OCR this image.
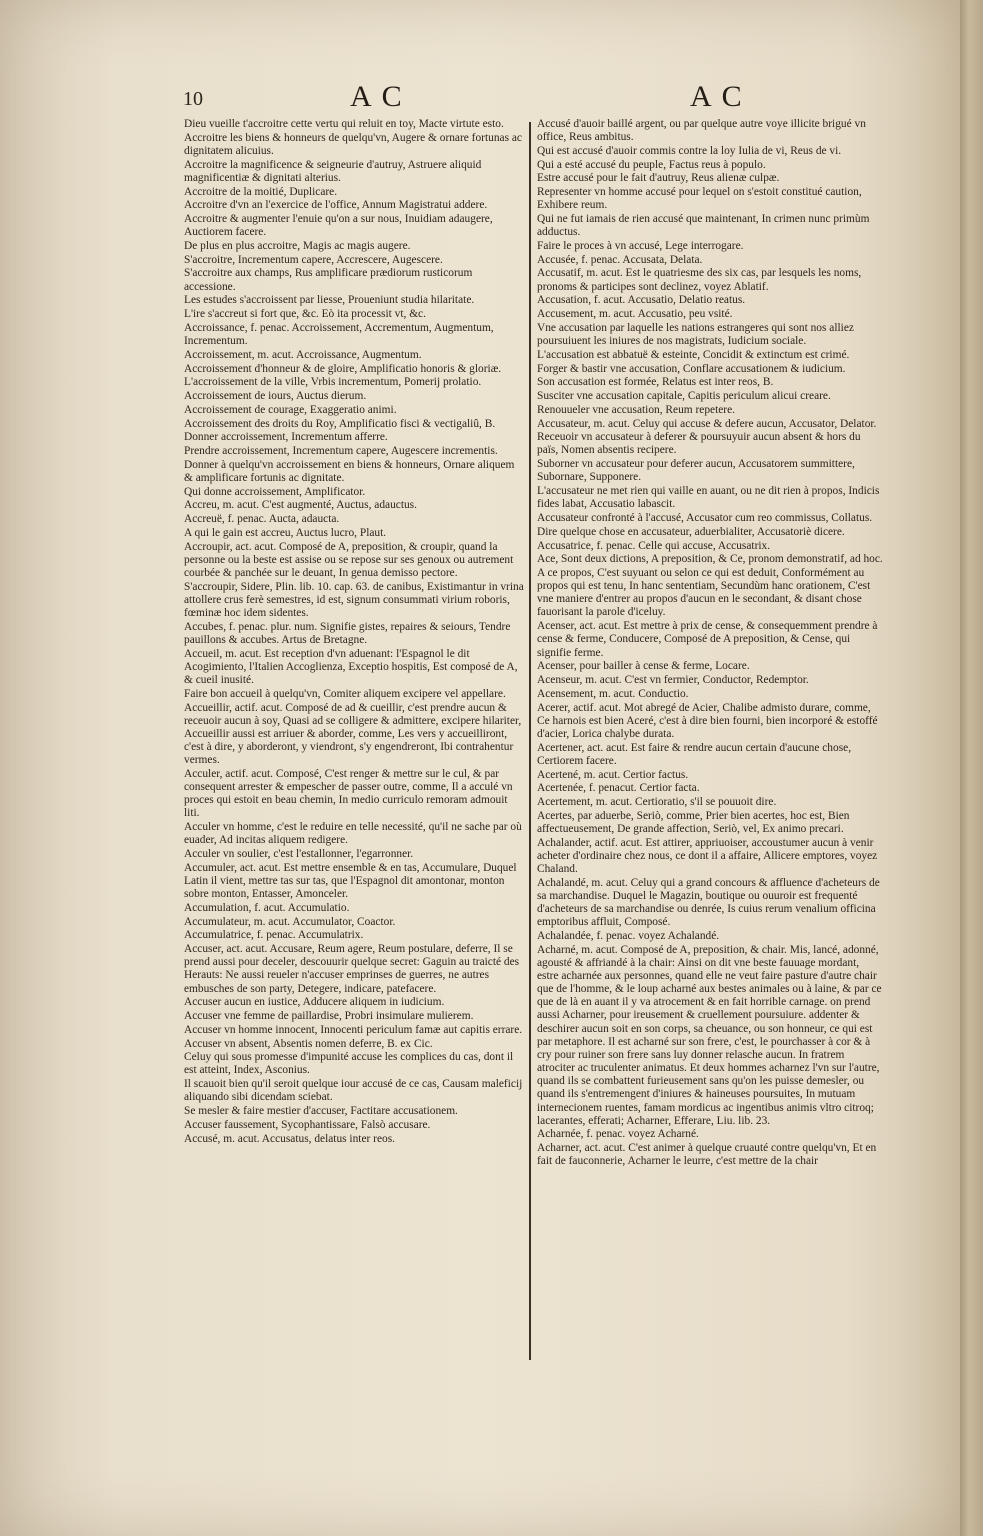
10	AC	AC
Dieu vueille t'accroitre cette vertu qui reluit en toy, Macte virtute esto.
Accroitre les biens & honneurs de quelqu'vn, Augere & ornare fortunas ac dignitatem alicuius.
Accroitre la magnificence & seigneurie d'autruy, Astruere aliquid magnificentiæ & dignitati alterius.
Accroitre de la moitié, Duplicare.
Accroitre d'vn an l'exercice de l'office, Annum Magistratui addere.
Accroitre & augmenter l'enuie qu'on a sur nous, Inuidiam adaugere, Auctiorem facere.
De plus en plus accroitre, Magis ac magis augere.
S'accroitre, Incrementum capere, Accrescere, Augescere.
S'accroitre aux champs, Rus amplificare prædiorum rusticorum accessione.
Les estudes s'accroissent par liesse, Proueniunt studia hilaritate.
L'ire s'accreut si fort que, &c. Eò ita processit vt, &c.
Accroissance, f. penac. Accroissement, Accrementum, Augmentum, Incrementum.
Accroissement, m. acut. Accroissance, Augmentum.
Accroissement d'honneur & de gloire, Amplificatio honoris & gloriæ.
L'accroissement de la ville, Vrbis incrementum, Pomerij prolatio.
Accroissement de iours, Auctus dierum.
Accroissement de courage, Exaggeratio animi.
Accroissement des droits du Roy, Amplificatio fisci & vectigaliû, B.
Donner accroissement, Incrementum afferre.
Prendre accroissement, Incrementum capere, Augescere incrementis.
Donner à quelqu'vn accroissement en biens & honneurs, Ornare aliquem & amplificare fortunis ac dignitate.
Qui donne accroissement, Amplificator.
Accreu, m. acut. C'est augmenté, Auctus, adauctus.
Accreuë, f. penac. Aucta, adaucta.
A qui le gain est accreu, Auctus lucro, Plaut.
Accroupir, act. acut. Composé de A, preposition, & croupir, quand la personne ou la beste est assise ou se repose sur ses genoux ou autrement courbée & panchée sur le deuant, In genua demisso pectore.
S'accroupir, Sidere, Plin. lib. 10. cap. 63. de canibus, Existimantur in vrina attollere crus ferè semestres, id est, signum consummati virium roboris, fœminæ hoc idem sidentes.
Accubes, f. penac. plur. num. Signifie gistes, repaires & seiours, Tendre pauillons & accubes. Artus de Bretagne.
Accueil, m. acut. Est reception d'vn aduenant: l'Espagnol le dit Acogimiento, l'Italien Accoglienza, Exceptio hospitis, Est composé de A, & cueil inusité.
Faire bon accueil à quelqu'vn, Comiter aliquem excipere vel appellare.
Accueillir, actif. acut. Composé de ad & cueillir, c'est prendre aucun & receuoir aucun à soy, Quasi ad se colligere & admittere, excipere hilariter, Accueillir aussi est arriuer & aborder, comme, Les vers y accueilliront, c'est à dire, y aborderont, y viendront, s'y engendreront, Ibi contrahentur vermes.
Acculer, actif. acut. Composé, C'est renger & mettre sur le cul, & par consequent arrester & empescher de passer outre, comme, Il a acculé vn proces qui estoit en beau chemin, In medio curriculo remoram admouit liti.
Acculer vn homme, c'est le reduire en telle necessité, qu'il ne sache par où euader, Ad incitas aliquem redigere.
Acculer vn soulier, c'est l'estallonner, l'egarronner.
Accumuler, act. acut. Est mettre ensemble & en tas, Accumulare, Duquel Latin il vient, mettre tas sur tas, que l'Espagnol dit amontonar, monton sobre monton, Entasser, Amonceler.
Accumulation, f. acut. Accumulatio.
Accumulateur, m. acut. Accumulator, Coactor.
Accumulatrice, f. penac. Accumulatrix.
Accuser, act. acut. Accusare, Reum agere, Reum postulare, deferre, Il se prend aussi pour deceler, descouurir quelque secret: Gaguin au traicté des Herauts: Ne aussi reueler n'accuser emprinses de guerres, ne autres embusches de son party, Detegere, indicare, patefacere.
Accuser aucun en iustice, Adducere aliquem in iudicium.
Accuser vne femme de paillardise, Probri insimulare mulierem.
Accuser vn homme innocent, Innocenti periculum famæ aut capitis errare.
Accuser vn absent, Absentis nomen deferre, B. ex Cic.
Celuy qui sous promesse d'impunité accuse les complices du cas, dont il est atteint, Index, Asconius.
Il scauoit bien qu'il seroit quelque iour accusé de ce cas, Causam maleficij aliquando sibi dicendam sciebat.
Se mesler & faire mestier d'accuser, Factitare accusationem.
Accuser faussement, Sycophantissare, Falsò accusare.
Accusé, m. acut. Accusatus, delatus inter reos.
Accusé d'auoir baillé argent, ou par quelque autre voye illicite brigué vn office, Reus ambitus.
Qui est accusé d'auoir commis contre la loy Iulia de vi, Reus de vi.
Qui a esté accusé du peuple, Factus reus à populo.
Estre accusé pour le fait d'autruy, Reus alienæ culpæ.
Representer vn homme accusé pour lequel on s'estoit constitué caution, Exhibere reum.
Qui ne fut iamais de rien accusé que maintenant, In crimen nunc primùm adductus.
Faire le proces à vn accusé, Lege interrogare.
Accusée, f. penac. Accusata, Delata.
Accusatif, m. acut. Est le quatriesme des six cas, par lesquels les noms, pronoms & participes sont declinez, voyez Ablatif.
Accusation, f. acut. Accusatio, Delatio reatus.
Accusement, m. acut. Accusatio, peu vsité.
Vne accusation par laquelle les nations estrangeres qui sont nos alliez poursuiuent les iniures de nos magistrats, Iudicium sociale.
L'accusation est abbatuë & esteinte, Concidit & extinctum est crimé.
Forger & bastir vne accusation, Conflare accusationem & iudicium.
Son accusation est formée, Relatus est inter reos, B.
Susciter vne accusation capitale, Capitis periculum alicui creare.
Renouueler vne accusation, Reum repetere.
Accusateur, m. acut. Celuy qui accuse & defere aucun, Accusator, Delator.
Receuoir vn accusateur à deferer & poursuyuir aucun absent & hors du païs, Nomen absentis recipere.
Suborner vn accusateur pour deferer aucun, Accusatorem summittere, Subornare, Supponere.
L'accusateur ne met rien qui vaille en auant, ou ne dit rien à propos, Indicis fides labat, Accusatio labascit.
Accusateur confronté à l'accusé, Accusator cum reo commissus, Collatus.
Dire quelque chose en accusateur, aduerbialiter, Accusatoriè dicere.
Accusatrice, f. penac. Celle qui accuse, Accusatrix.
Ace, Sont deux dictions, A preposition, & Ce, pronom demonstratif, ad hoc.
A ce propos, C'est suyuant ou selon ce qui est deduit, Conformément au propos qui est tenu, In hanc sententiam, Secundùm hanc orationem, C'est vne maniere d'entrer au propos d'aucun en le secondant, & disant chose fauorisant la parole d'iceluy.
Acenser, act. acut. Est mettre à prix de cense, & consequemment prendre à cense & ferme, Conducere, Composé de A preposition, & Cense, qui signifie ferme.
Acenser, pour bailler à cense & ferme, Locare.
Acenseur, m. acut. C'est vn fermier, Conductor, Redemptor.
Acensement, m. acut. Conductio.
Acerer, actif. acut. Mot abregé de Acier, Chalibe admisto durare, comme, Ce harnois est bien Aceré, c'est à dire bien fourni, bien incorporé & estoffé d'acier, Lorica chalybe durata.
Acertener, act. acut. Est faire & rendre aucun certain d'aucune chose, Certiorem facere.
Acertené, m. acut. Certior factus.
Acertenée, f. penacut. Certior facta.
Acertement, m. acut. Certioratio, s'il se pouuoit dire.
Acertes, par aduerbe, Seriò, comme, Prier bien acertes, hoc est, Bien affectueusement, De grande affection, Seriò, vel, Ex animo precari.
Achalander, actif. acut. Est attirer, appriuoiser, accoustumer aucun à venir acheter d'ordinaire chez nous, ce dont il a affaire, Allicere emptores, voyez Chaland.
Achalandé, m. acut. Celuy qui a grand concours & affluence d'acheteurs de sa marchandise. Duquel le Magazin, boutique ou ouuroir est frequenté d'acheteurs de sa marchandise ou denrée, Is cuius rerum venalium officina emptoribus affluit, Composé.
Achalandée, f. penac. voyez Achalandé.
Acharné, m. acut. Composé de A, preposition, & chair. Mis, lancé, adonné, agousté & affriandé à la chair: Ainsi on dit vne beste fauuage mordant, estre acharnée aux personnes, quand elle ne veut faire pasture d'autre chair que de l'homme, & le loup acharné aux bestes animales ou à laine, & par ce que de là en auant il y va atrocement & en fait horrible carnage. on prend aussi Acharner, pour ireusement & cruellement poursuiure. addenter & deschirer aucun soit en son corps, sa cheuance, ou son honneur, ce qui est par metaphore. Il est acharné sur son frere, c'est, le pourchasser à cor & à cry pour ruiner son frere sans luy donner relasche aucun. In fratrem atrociter ac truculenter animatus. Et deux hommes acharnez l'vn sur l'autre, quand ils se combattent furieusement sans qu'on les puisse demesler, ou quand ils s'entremengent d'iniures & haineuses poursuites, In mutuam internecionem ruentes, famam mordicus ac ingentibus animis vltro citroq; lacerantes, efferati; Acharner, Efferare, Liu. lib. 23.
Acharnée, f. penac. voyez Acharné.
Acharner, act. acut. C'est animer à quelque cruauté contre quelqu'vn, Et en fait de fauconnerie, Acharner le leurre, c'est mettre de la chair
